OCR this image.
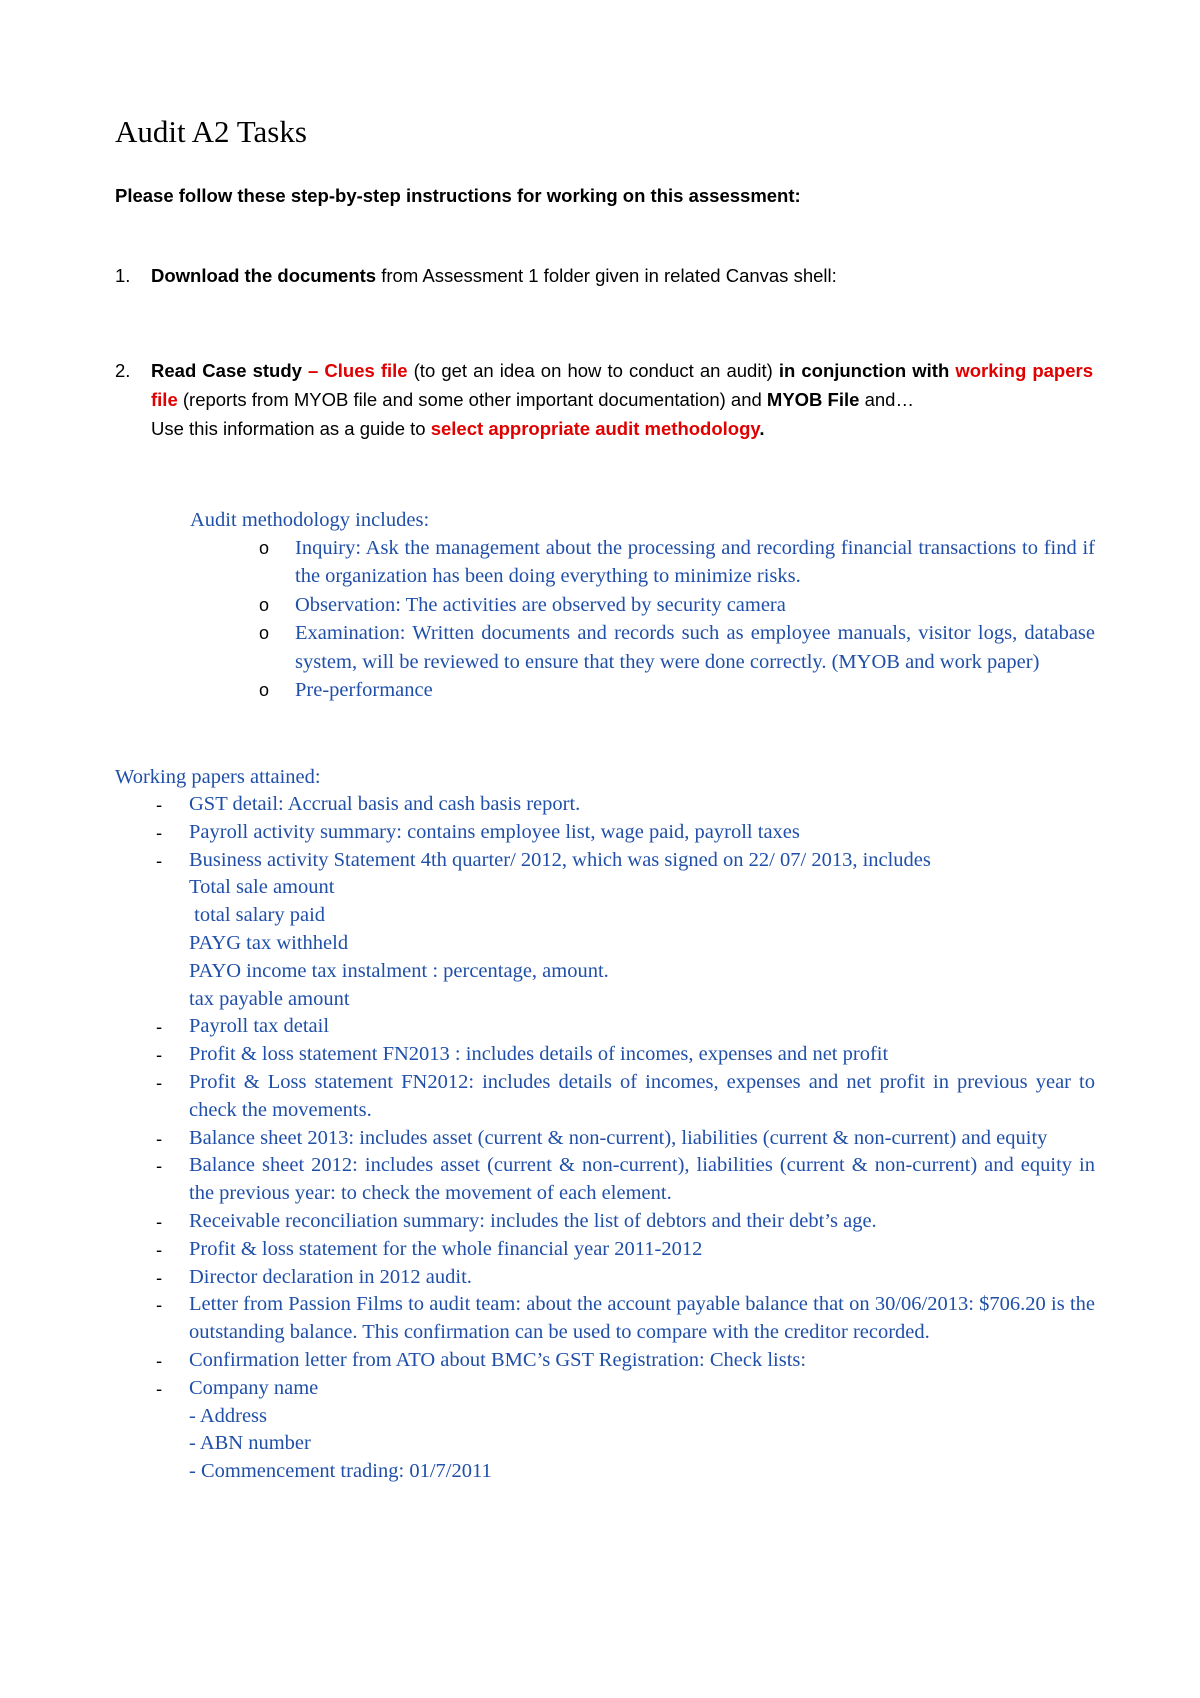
Audit A2 Tasks

Please follow these step-by-step instructions for working on this assessment:

1. Download the documents from Assessment 1 folder given in related Canvas shell:
2. Read Case study – Clues file (to get an idea on how to conduct an audit) in conjunction with working papers file (reports from MYOB file and some other important documentation) and MYOB File and…
Use this information as a guide to select appropriate audit methodology.

Audit methodology includes:

o Inquiry: Ask the management about the processing and recording financial transactions to find if the organization has been doing everything to minimize risks.
o Observation: The activities are observed by security camera
o Examination: Written documents and records such as employee manuals, visitor logs, database system, will be reviewed to ensure that they were done correctly. (MYOB and work paper)
o Pre-performance

Working papers attained:

- GST detail: Accrual basis and cash basis report.
- Payroll activity summary: contains employee list, wage paid, payroll taxes
- Business activity Statement 4th quarter/ 2012, which was signed on 22/ 07/ 2013, includes
Total sale amount
total salary paid
PAYG tax withheld
PAYO income tax instalment : percentage, amount.
tax payable amount
- Payroll tax detail
- Profit & loss statement FN2013 : includes details of incomes, expenses and net profit
- Profit & Loss statement FN2012: includes details of incomes, expenses and net profit in previous year to check the movements.
- Balance sheet 2013: includes asset (current & non-current), liabilities (current & non-current) and equity
- Balance sheet 2012: includes asset (current & non-current), liabilities (current & non-current) and equity in the previous year: to check the movement of each element.
- Receivable reconciliation summary: includes the list of debtors and their debt’s age.
- Profit & loss statement for the whole financial year 2011-2012
- Director declaration in 2012 audit.
- Letter from Passion Films to audit team: about the account payable balance that on 30/06/2013: $706.20 is the outstanding balance. This confirmation can be used to compare with the creditor recorded.
- Confirmation letter from ATO about BMC’s GST Registration: Check lists:
- Company name
- Address
- ABN number
- Commencement trading: 01/7/2011
